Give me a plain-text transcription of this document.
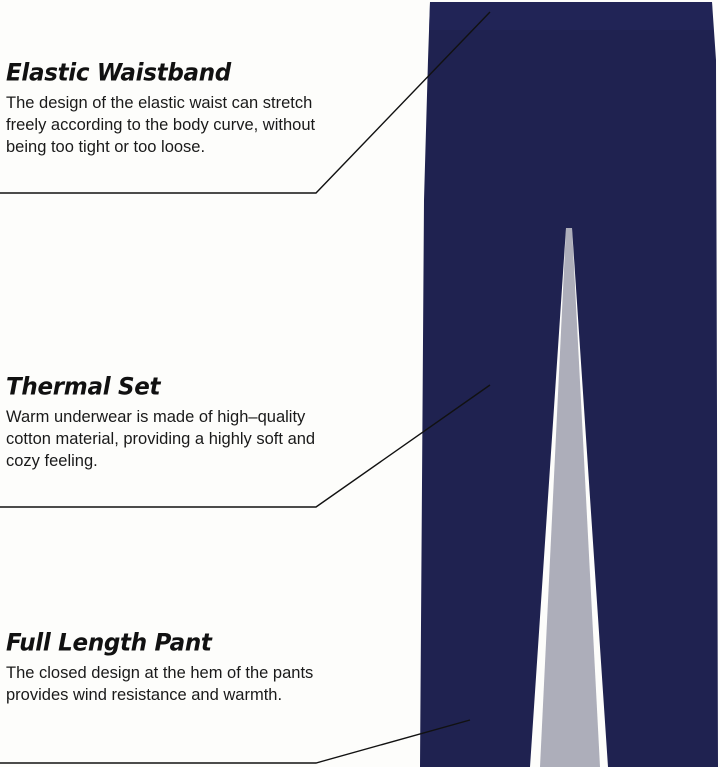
Elastic Waistband

The design of the elastic waist can stretch freely according to the body curve, without being too tight or too loose.

Thermal Set

Warm underwear is made of high–quality cotton material, providing a highly soft and cozy feeling.

Full Length Pant

The closed design at the hem of the pants provides wind resistance and warmth.
